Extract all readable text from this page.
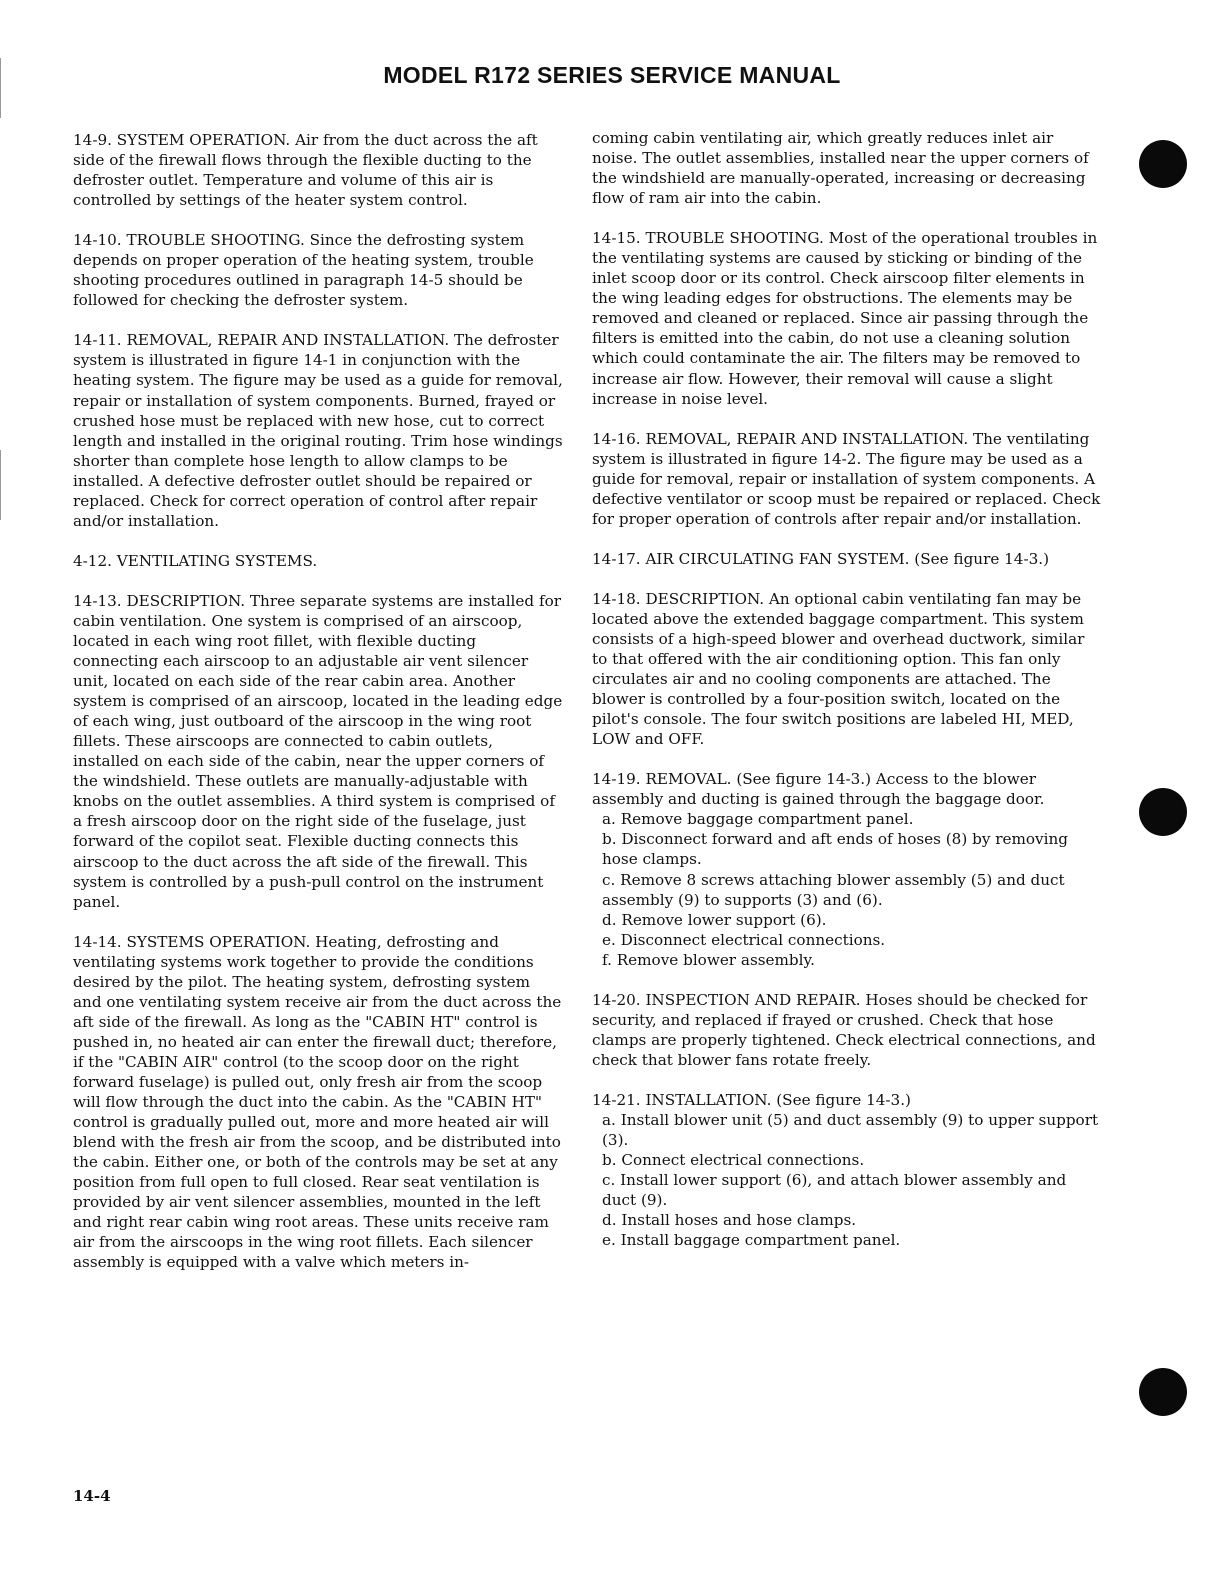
MODEL R172 SERIES SERVICE MANUAL

14-9. SYSTEM OPERATION. Air from the duct across the aft side of the firewall flows through the flexible ducting to the defroster outlet. Temperature and volume of this air is controlled by settings of the heater system control.

14-10. TROUBLE SHOOTING. Since the defrosting system depends on proper operation of the heating system, trouble shooting procedures outlined in paragraph 14-5 should be followed for checking the defroster system.

14-11. REMOVAL, REPAIR AND INSTALLATION. The defroster system is illustrated in figure 14-1 in conjunction with the heating system. The figure may be used as a guide for removal, repair or installation of system components. Burned, frayed or crushed hose must be replaced with new hose, cut to correct length and installed in the original routing. Trim hose windings shorter than complete hose length to allow clamps to be installed. A defective defroster outlet should be repaired or replaced. Check for correct operation of control after repair and/or installation.

4-12. VENTILATING SYSTEMS.

14-13. DESCRIPTION. Three separate systems are installed for cabin ventilation. One system is comprised of an airscoop, located in each wing root fillet, with flexible ducting connecting each airscoop to an adjustable air vent silencer unit, located on each side of the rear cabin area. Another system is comprised of an airscoop, located in the leading edge of each wing, just outboard of the airscoop in the wing root fillets. These airscoops are connected to cabin outlets, installed on each side of the cabin, near the upper corners of the windshield. These outlets are manually-adjustable with knobs on the outlet assemblies. A third system is comprised of a fresh airscoop door on the right side of the fuselage, just forward of the copilot seat. Flexible ducting connects this airscoop to the duct across the aft side of the firewall. This system is controlled by a push-pull control on the instrument panel.

14-14. SYSTEMS OPERATION. Heating, defrosting and ventilating systems work together to provide the conditions desired by the pilot. The heating system, defrosting system and one ventilating system receive air from the duct across the aft side of the firewall. As long as the "CABIN HT" control is pushed in, no heated air can enter the firewall duct; therefore, if the "CABIN AIR" control (to the scoop door on the right forward fuselage) is pulled out, only fresh air from the scoop will flow through the duct into the cabin. As the "CABIN HT" control is gradually pulled out, more and more heated air will blend with the fresh air from the scoop, and be distributed into the cabin. Either one, or both of the controls may be set at any position from full open to full closed. Rear seat ventilation is provided by air vent silencer assemblies, mounted in the left and right rear cabin wing root areas. These units receive ram air from the airscoops in the wing root fillets. Each silencer assembly is equipped with a valve which meters in-

coming cabin ventilating air, which greatly reduces inlet air noise. The outlet assemblies, installed near the upper corners of the windshield are manually-operated, increasing or decreasing flow of ram air into the cabin.

14-15. TROUBLE SHOOTING. Most of the operational troubles in the ventilating systems are caused by sticking or binding of the inlet scoop door or its control. Check airscoop filter elements in the wing leading edges for obstructions. The elements may be removed and cleaned or replaced. Since air passing through the filters is emitted into the cabin, do not use a cleaning solution which could contaminate the air. The filters may be removed to increase air flow. However, their removal will cause a slight increase in noise level.

14-16. REMOVAL, REPAIR AND INSTALLATION. The ventilating system is illustrated in figure 14-2. The figure may be used as a guide for removal, repair or installation of system components. A defective ventilator or scoop must be repaired or replaced. Check for proper operation of controls after repair and/or installation.

14-17. AIR CIRCULATING FAN SYSTEM. (See figure 14-3.)

14-18. DESCRIPTION. An optional cabin ventilating fan may be located above the extended baggage compartment. This system consists of a high-speed blower and overhead ductwork, similar to that offered with the air conditioning option. This fan only circulates air and no cooling components are attached. The blower is controlled by a four-position switch, located on the pilot's console. The four switch positions are labeled HI, MED, LOW and OFF.

14-19. REMOVAL. (See figure 14-3.) Access to the blower assembly and ducting is gained through the baggage door.

a. Remove baggage compartment panel.

b. Disconnect forward and aft ends of hoses (8) by removing hose clamps.

c. Remove 8 screws attaching blower assembly (5) and duct assembly (9) to supports (3) and (6).

d. Remove lower support (6).

e. Disconnect electrical connections.

f. Remove blower assembly.

14-20. INSPECTION AND REPAIR. Hoses should be checked for security, and replaced if frayed or crushed. Check that hose clamps are properly tightened. Check electrical connections, and check that blower fans rotate freely.

14-21. INSTALLATION. (See figure 14-3.)

a. Install blower unit (5) and duct assembly (9) to upper support (3).

b. Connect electrical connections.

c. Install lower support (6), and attach blower assembly and duct (9).

d. Install hoses and hose clamps.

e. Install baggage compartment panel.

14-4
